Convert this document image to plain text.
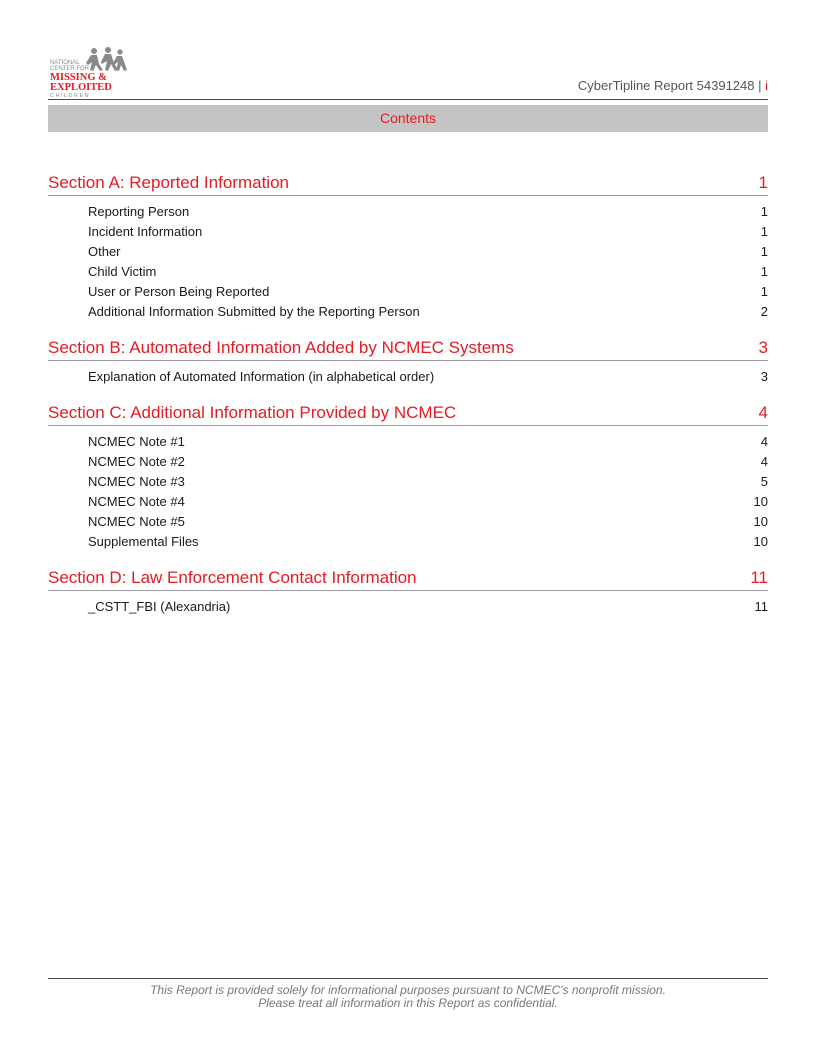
NATIONAL
CENTER FOR
MISSING &
EXPLOITED
C H I L D R E N
CyberTipline Report 54391248 | i
Contents
Section A: Reported Information	1
Reporting Person	1
Incident Information	1
Other	1
Child Victim	1
User or Person Being Reported	1
Additional Information Submitted by the Reporting Person	2
Section B: Automated Information Added by NCMEC Systems	3
Explanation of Automated Information (in alphabetical order)	3
Section C: Additional Information Provided by NCMEC	4
NCMEC Note #1	4
NCMEC Note #2	4
NCMEC Note #3	5
NCMEC Note #4	10
NCMEC Note #5	10
Supplemental Files	10
Section D: Law Enforcement Contact Information	11
_CSTT_FBI (Alexandria)	11
This Report is provided solely for informational purposes pursuant to NCMEC's nonprofit mission.
Please treat all information in this Report as confidential.
